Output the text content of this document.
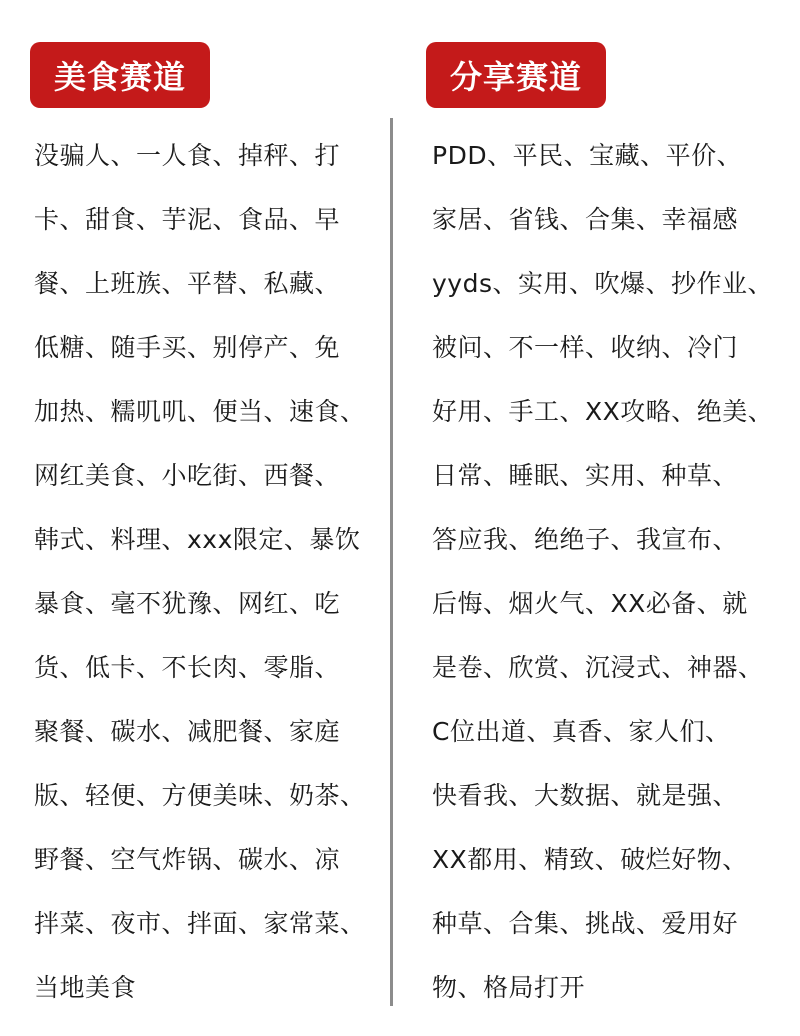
美食赛道
没骗人、一人食、掉秤、打
卡、甜食、芋泥、食品、早
餐、上班族、平替、私藏、
低糖、随手买、别停产、免
加热、糯叽叽、便当、速食、
网红美食、小吃街、西餐、
韩式、料理、xxx限定、暴饮
暴食、毫不犹豫、网红、吃
货、低卡、不长肉、零脂、
聚餐、碳水、减肥餐、家庭
版、轻便、方便美味、奶茶、
野餐、空气炸锅、碳水、凉
拌菜、夜市、拌面、家常菜、
当地美食
分享赛道
PDD、平民、宝藏、平价、
家居、省钱、合集、幸福感
yyds、实用、吹爆、抄作业、
被问、不一样、收纳、冷门
好用、手工、XX攻略、绝美、
日常、睡眠、实用、种草、
答应我、绝绝子、我宣布、
后悔、烟火气、XX必备、就
是卷、欣赏、沉浸式、神器、
C位出道、真香、家人们、
快看我、大数据、就是强、
XX都用、精致、破烂好物、
种草、合集、挑战、爱用好
物、格局打开
